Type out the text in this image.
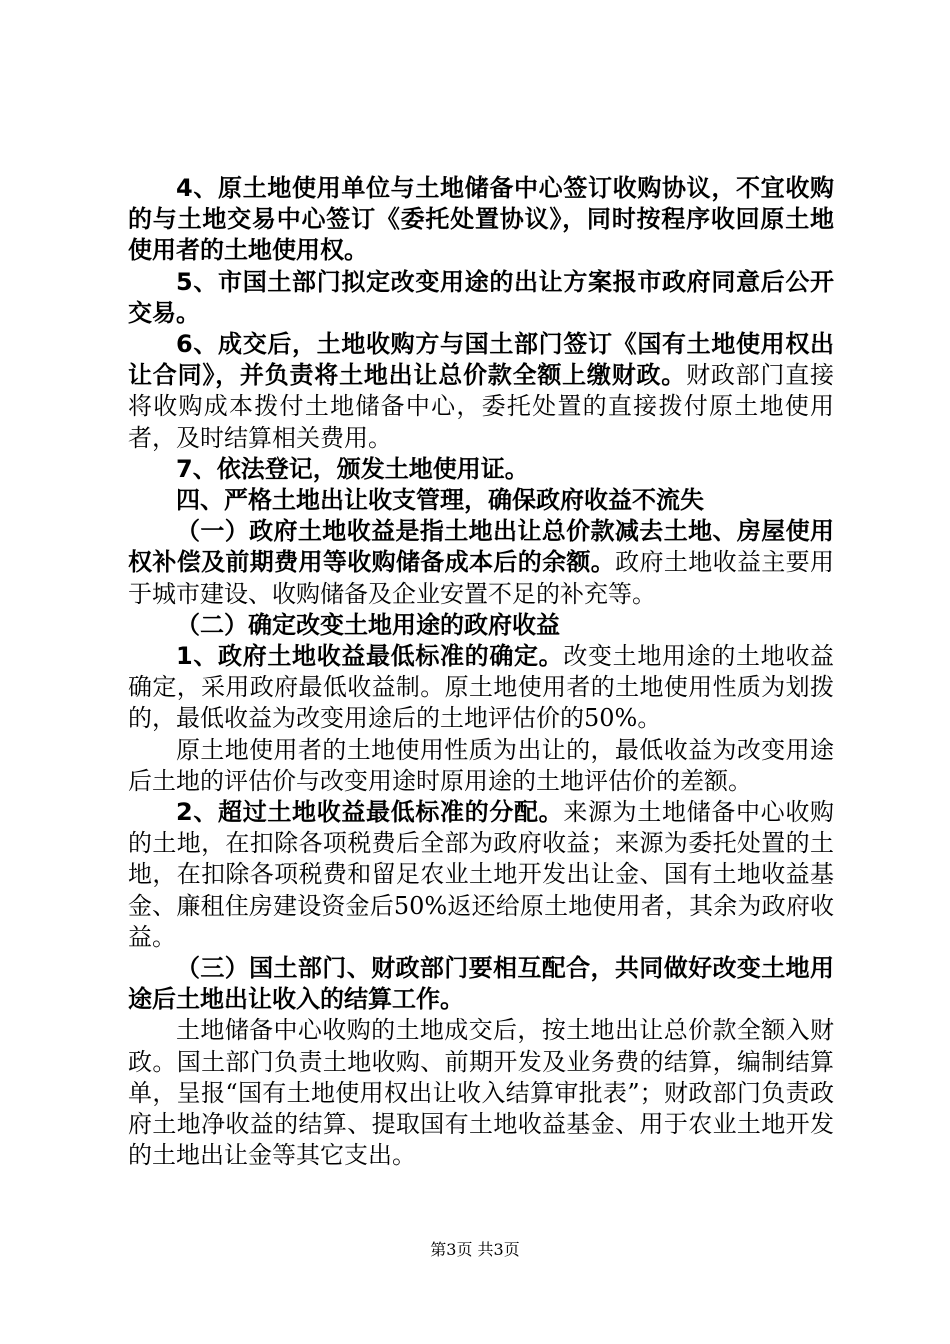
4、原土地使用单位与土地储备中心签订收购协议，不宜收购的与土地交易中心签订《委托处置协议》，同时按程序收回原土地使用者的土地使用权。

5、市国土部门拟定改变用途的出让方案报市政府同意后公开交易。

6、成交后，土地收购方与国土部门签订《国有土地使用权出让合同》，并负责将土地出让总价款全额上缴财政。财政部门直接将收购成本拨付土地储备中心，委托处置的直接拨付原土地使用者，及时结算相关费用。

7、依法登记，颁发土地使用证。

四、严格土地出让收支管理，确保政府收益不流失

（一）政府土地收益是指土地出让总价款减去土地、房屋使用权补偿及前期费用等收购储备成本后的余额。政府土地收益主要用于城市建设、收购储备及企业安置不足的补充等。

（二）确定改变土地用途的政府收益

1、政府土地收益最低标准的确定。改变土地用途的土地收益确定，采用政府最低收益制。原土地使用者的土地使用性质为划拨的，最低收益为改变用途后的土地评估价的50%。

原土地使用者的土地使用性质为出让的，最低收益为改变用途后土地的评估价与改变用途时原用途的土地评估价的差额。

2、超过土地收益最低标准的分配。来源为土地储备中心收购的土地，在扣除各项税费后全部为政府收益；来源为委托处置的土地，在扣除各项税费和留足农业土地开发出让金、国有土地收益基金、廉租住房建设资金后50%返还给原土地使用者，其余为政府收益。

（三）国土部门、财政部门要相互配合，共同做好改变土地用途后土地出让收入的结算工作。

土地储备中心收购的土地成交后，按土地出让总价款全额入财政。国土部门负责土地收购、前期开发及业务费的结算，编制结算单，呈报“国有土地使用权出让收入结算审批表”；财政部门负责政府土地净收益的结算、提取国有土地收益基金、用于农业土地开发的土地出让金等其它支出。

第3页 共3页
